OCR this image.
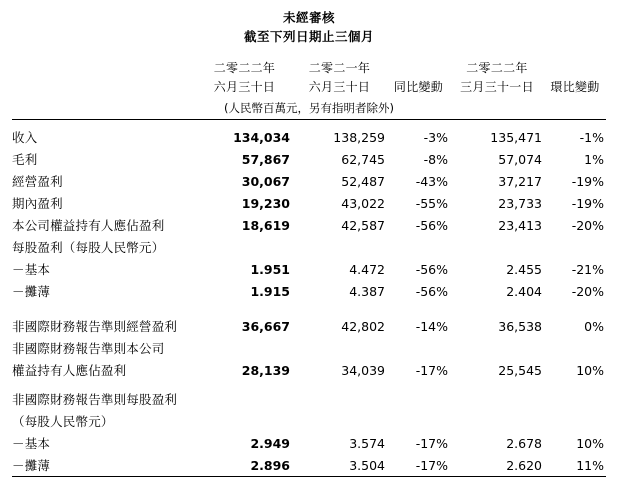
未經審核
截至下列日期止三個月

	二零二二年	二零二一年		二零二二年	
	六月三十日	六月三十日	同比變動	三月三十一日	環比變動
(人民幣百萬元，另有指明者除外)					

收入	134,034	138,259	-3%	135,471	-1%
毛利	57,867	62,745	-8%	57,074	1%
經營盈利	30,067	52,487	-43%	37,217	-19%
期內盈利	19,230	43,022	-55%	23,733	-19%
本公司權益持有人應佔盈利	18,619	42,587	-56%	23,413	-20%
每股盈利（每股人民幣元）					
－基本	1.951	4.472	-56%	2.455	-21%
－攤薄	1.915	4.387	-56%	2.404	-20%

非國際財務報告準則經營盈利	36,667	42,802	-14%	36,538	0%
非國際財務報告準則本公司					
權益持有人應佔盈利	28,139	34,039	-17%	25,545	10%

非國際財務報告準則每股盈利					
（每股人民幣元）					
－基本	2.949	3.574	-17%	2.678	10%
－攤薄	2.896	3.504	-17%	2.620	11%
